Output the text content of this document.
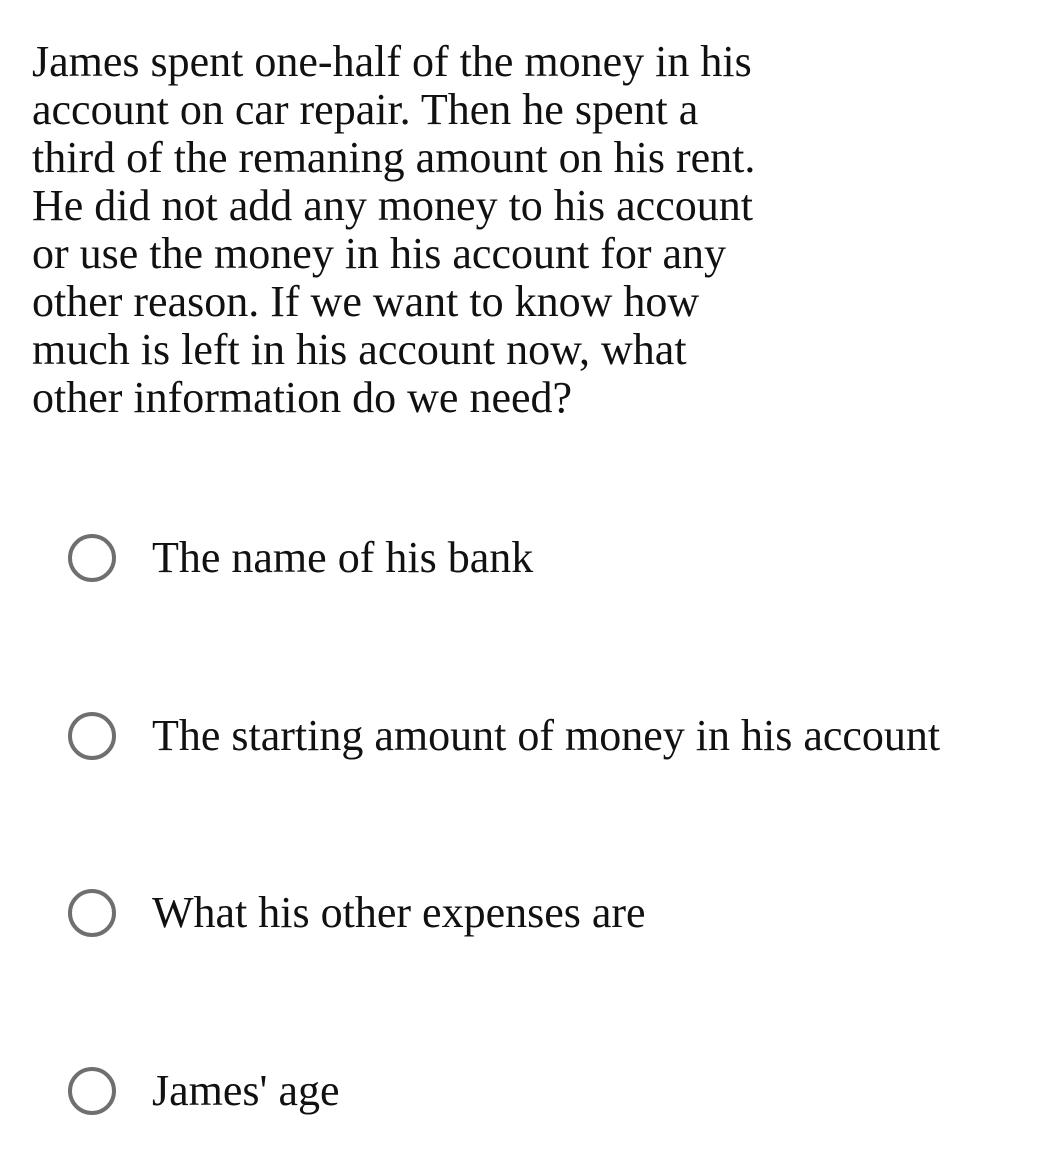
James spent one-half of the money in his
account on car repair. Then he spent a
third of the remaning amount on his rent.
He did not add any money to his account
or use the money in his account for any
other reason. If we want to know how
much is left in his account now, what
other information do we need?

The name of his bank
The starting amount of money in his account
What his other expenses are
James' age
